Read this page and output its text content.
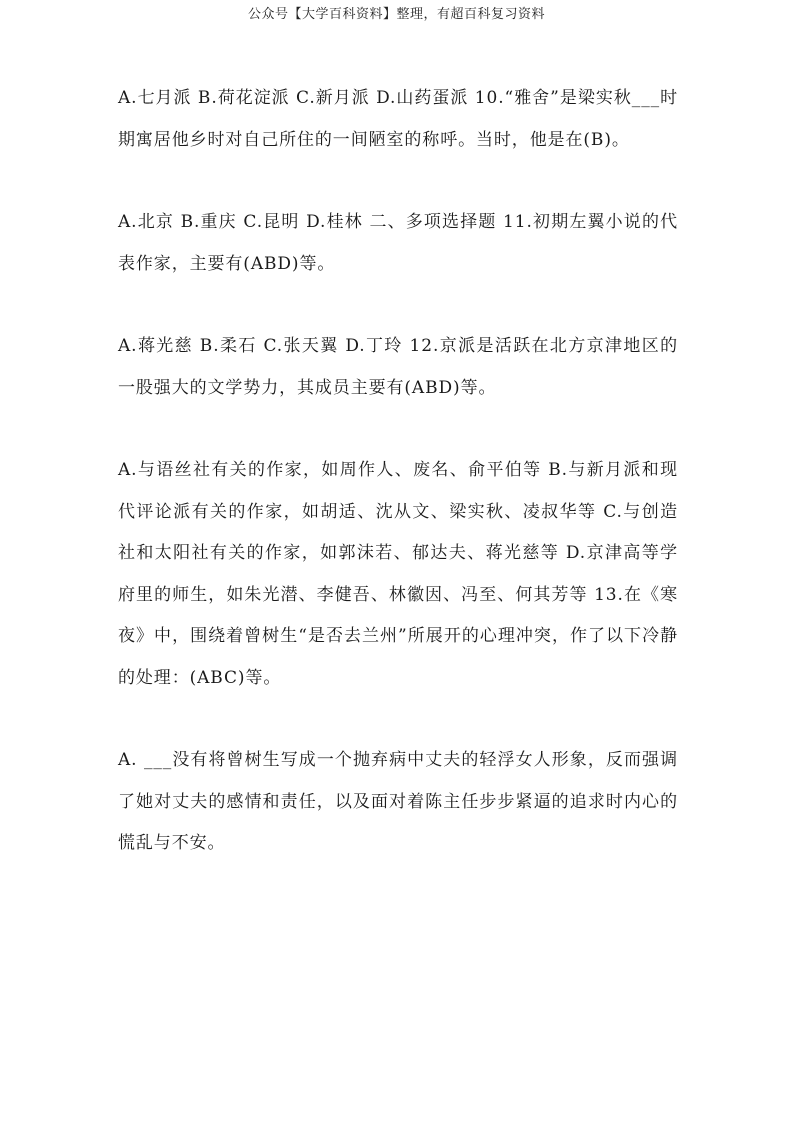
公众号【大学百科资料】整理，有超百科复习资料

A.七月派 B.荷花淀派 C.新月派 D.山药蛋派 10.“雅舍”是梁实秋___时期寓居他乡时对自己所住的一间陋室的称呼。当时，他是在(B)。

A.北京 B.重庆 C.昆明 D.桂林 二、多项选择题 11.初期左翼小说的代表作家，主要有(ABD)等。

A.蒋光慈 B.柔石 C.张天翼 D.丁玲 12.京派是活跃在北方京津地区的一股强大的文学势力，其成员主要有(ABD)等。

A.与语丝社有关的作家，如周作人、废名、俞平伯等 B.与新月派和现代评论派有关的作家，如胡适、沈从文、梁实秋、凌叔华等 C.与创造社和太阳社有关的作家，如郭沫若、郁达夫、蒋光慈等 D.京津高等学府里的师生，如朱光潜、李健吾、林徽因、冯至、何其芳等 13.在《寒夜》中，围绕着曾树生“是否去兰州”所展开的心理冲突，作了以下冷静的处理：(ABC)等。

A. ___没有将曾树生写成一个抛弃病中丈夫的轻浮女人形象，反而强调了她对丈夫的感情和责任，以及面对着陈主任步步紧逼的追求时内心的慌乱与不安。
